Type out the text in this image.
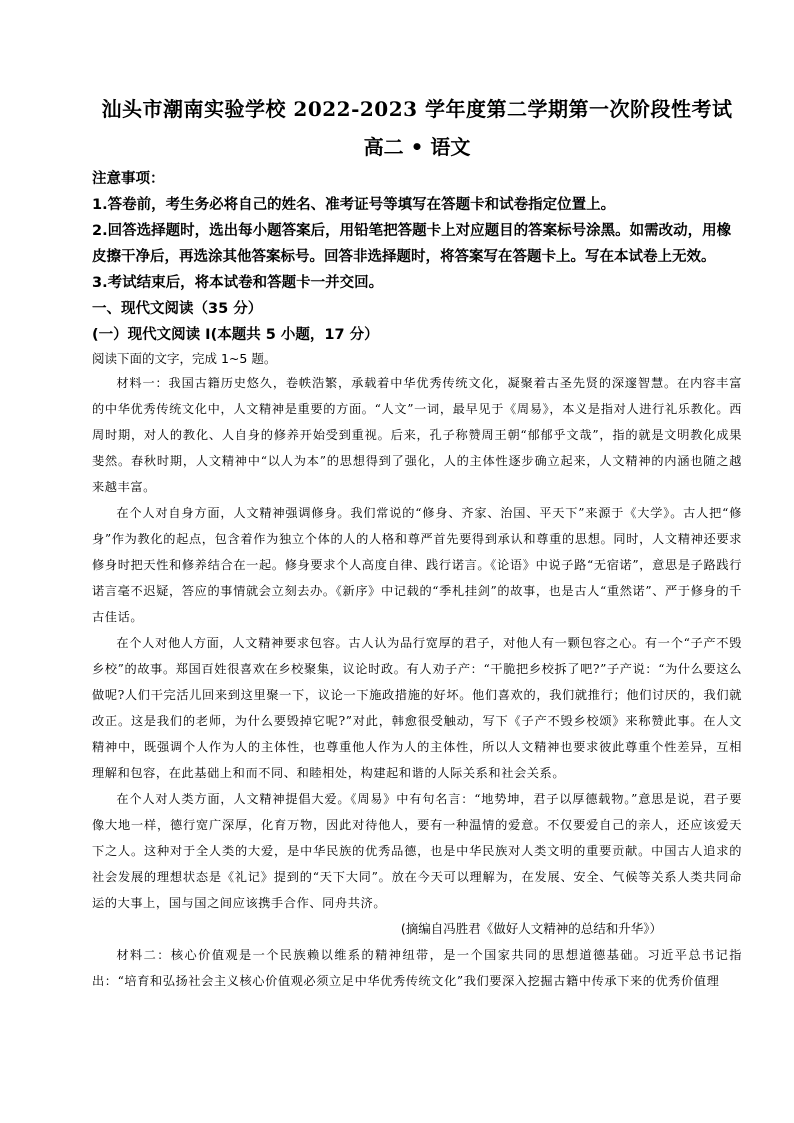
汕头市潮南实验学校 2022-2023 学年度第二学期第一次阶段性考试
高二 • 语文

注意事项：

1.答卷前，考生务必将自己的姓名、准考证号等填写在答题卡和试卷指定位置上。

2.回答选择题时，选出每小题答案后，用铅笔把答题卡上对应题目的答案标号涂黑。如需改动，用橡皮擦干净后，再选涂其他答案标号。回答非选择题时，将答案写在答题卡上。写在本试卷上无效。

3.考试结束后，将本试卷和答题卡一并交回。

一、现代文阅读（35 分）

(一）现代文阅读 I(本题共 5 小题，17 分）

阅读下面的文字，完成 1~5 题。

材料一：我国古籍历史悠久，卷帙浩繁，承载着中华优秀传统文化，凝聚着古圣先贤的深邃智慧。在内容丰富的中华优秀传统文化中，人文精神是重要的方面。“人文”一词，最早见于《周易》，本义是指对人进行礼乐教化。西周时期，对人的教化、人自身的修养开始受到重视。后来，孔子称赞周王朝“郁郁乎文哉”，指的就是文明教化成果斐然。春秋时期，人文精神中“以人为本”的思想得到了强化，人的主体性逐步确立起来，人文精神的内涵也随之越来越丰富。

在个人对自身方面，人文精神强调修身。我们常说的“修身、齐家、治国、平天下”来源于《大学》。古人把“修身”作为教化的起点，包含着作为独立个体的人的人格和尊严首先要得到承认和尊重的思想。同时，人文精神还要求修身时把天性和修养结合在一起。修身要求个人高度自律、践行诺言。《论语》中说子路“无宿诺”，意思是子路践行诺言毫不迟疑，答应的事情就会立刻去办。《新序》中记载的“季札挂剑”的故事，也是古人“重然诺”、严于修身的千古佳话。

在个人对他人方面，人文精神要求包容。古人认为品行宽厚的君子，对他人有一颗包容之心。有一个“子产不毁乡校”的故事。郑国百姓很喜欢在乡校聚集，议论时政。有人劝子产：“干脆把乡校拆了吧?”子产说：“为什么要这么做呢?人们干完活儿回来到这里聚一下，议论一下施政措施的好坏。他们喜欢的，我们就推行；他们讨厌的，我们就改正。这是我们的老师，为什么要毁掉它呢?”对此，韩愈很受触动，写下《子产不毁乡校颂》来称赞此事。在人文精神中，既强调个人作为人的主体性，也尊重他人作为人的主体性，所以人文精神也要求彼此尊重个性差异，互相理解和包容，在此基础上和而不同、和睦相处，构建起和谐的人际关系和社会关系。

在个人对人类方面，人文精神提倡大爱。《周易》中有句名言：“地势坤，君子以厚德载物。”意思是说，君子要像大地一样，德行宽广深厚，化育万物，因此对待他人，要有一种温情的爱意。不仅要爱自己的亲人，还应该爱天下之人。这种对于全人类的大爱，是中华民族的优秀品德，也是中华民族对人类文明的重要贡献。中国古人追求的社会发展的理想状态是《礼记》提到的“天下大同”。放在今天可以理解为，在发展、安全、气候等关系人类共同命运的大事上，国与国之间应该携手合作、同舟共济。

(摘编自冯胜君《做好人文精神的总结和升华》）

材料二：核心价值观是一个民族赖以维系的精神纽带，是一个国家共同的思想道德基础。习近平总书记指出：“培育和弘扬社会主义核心价值观必须立足中华优秀传统文化”我们要深入挖掘古籍中传承下来的优秀价值理
